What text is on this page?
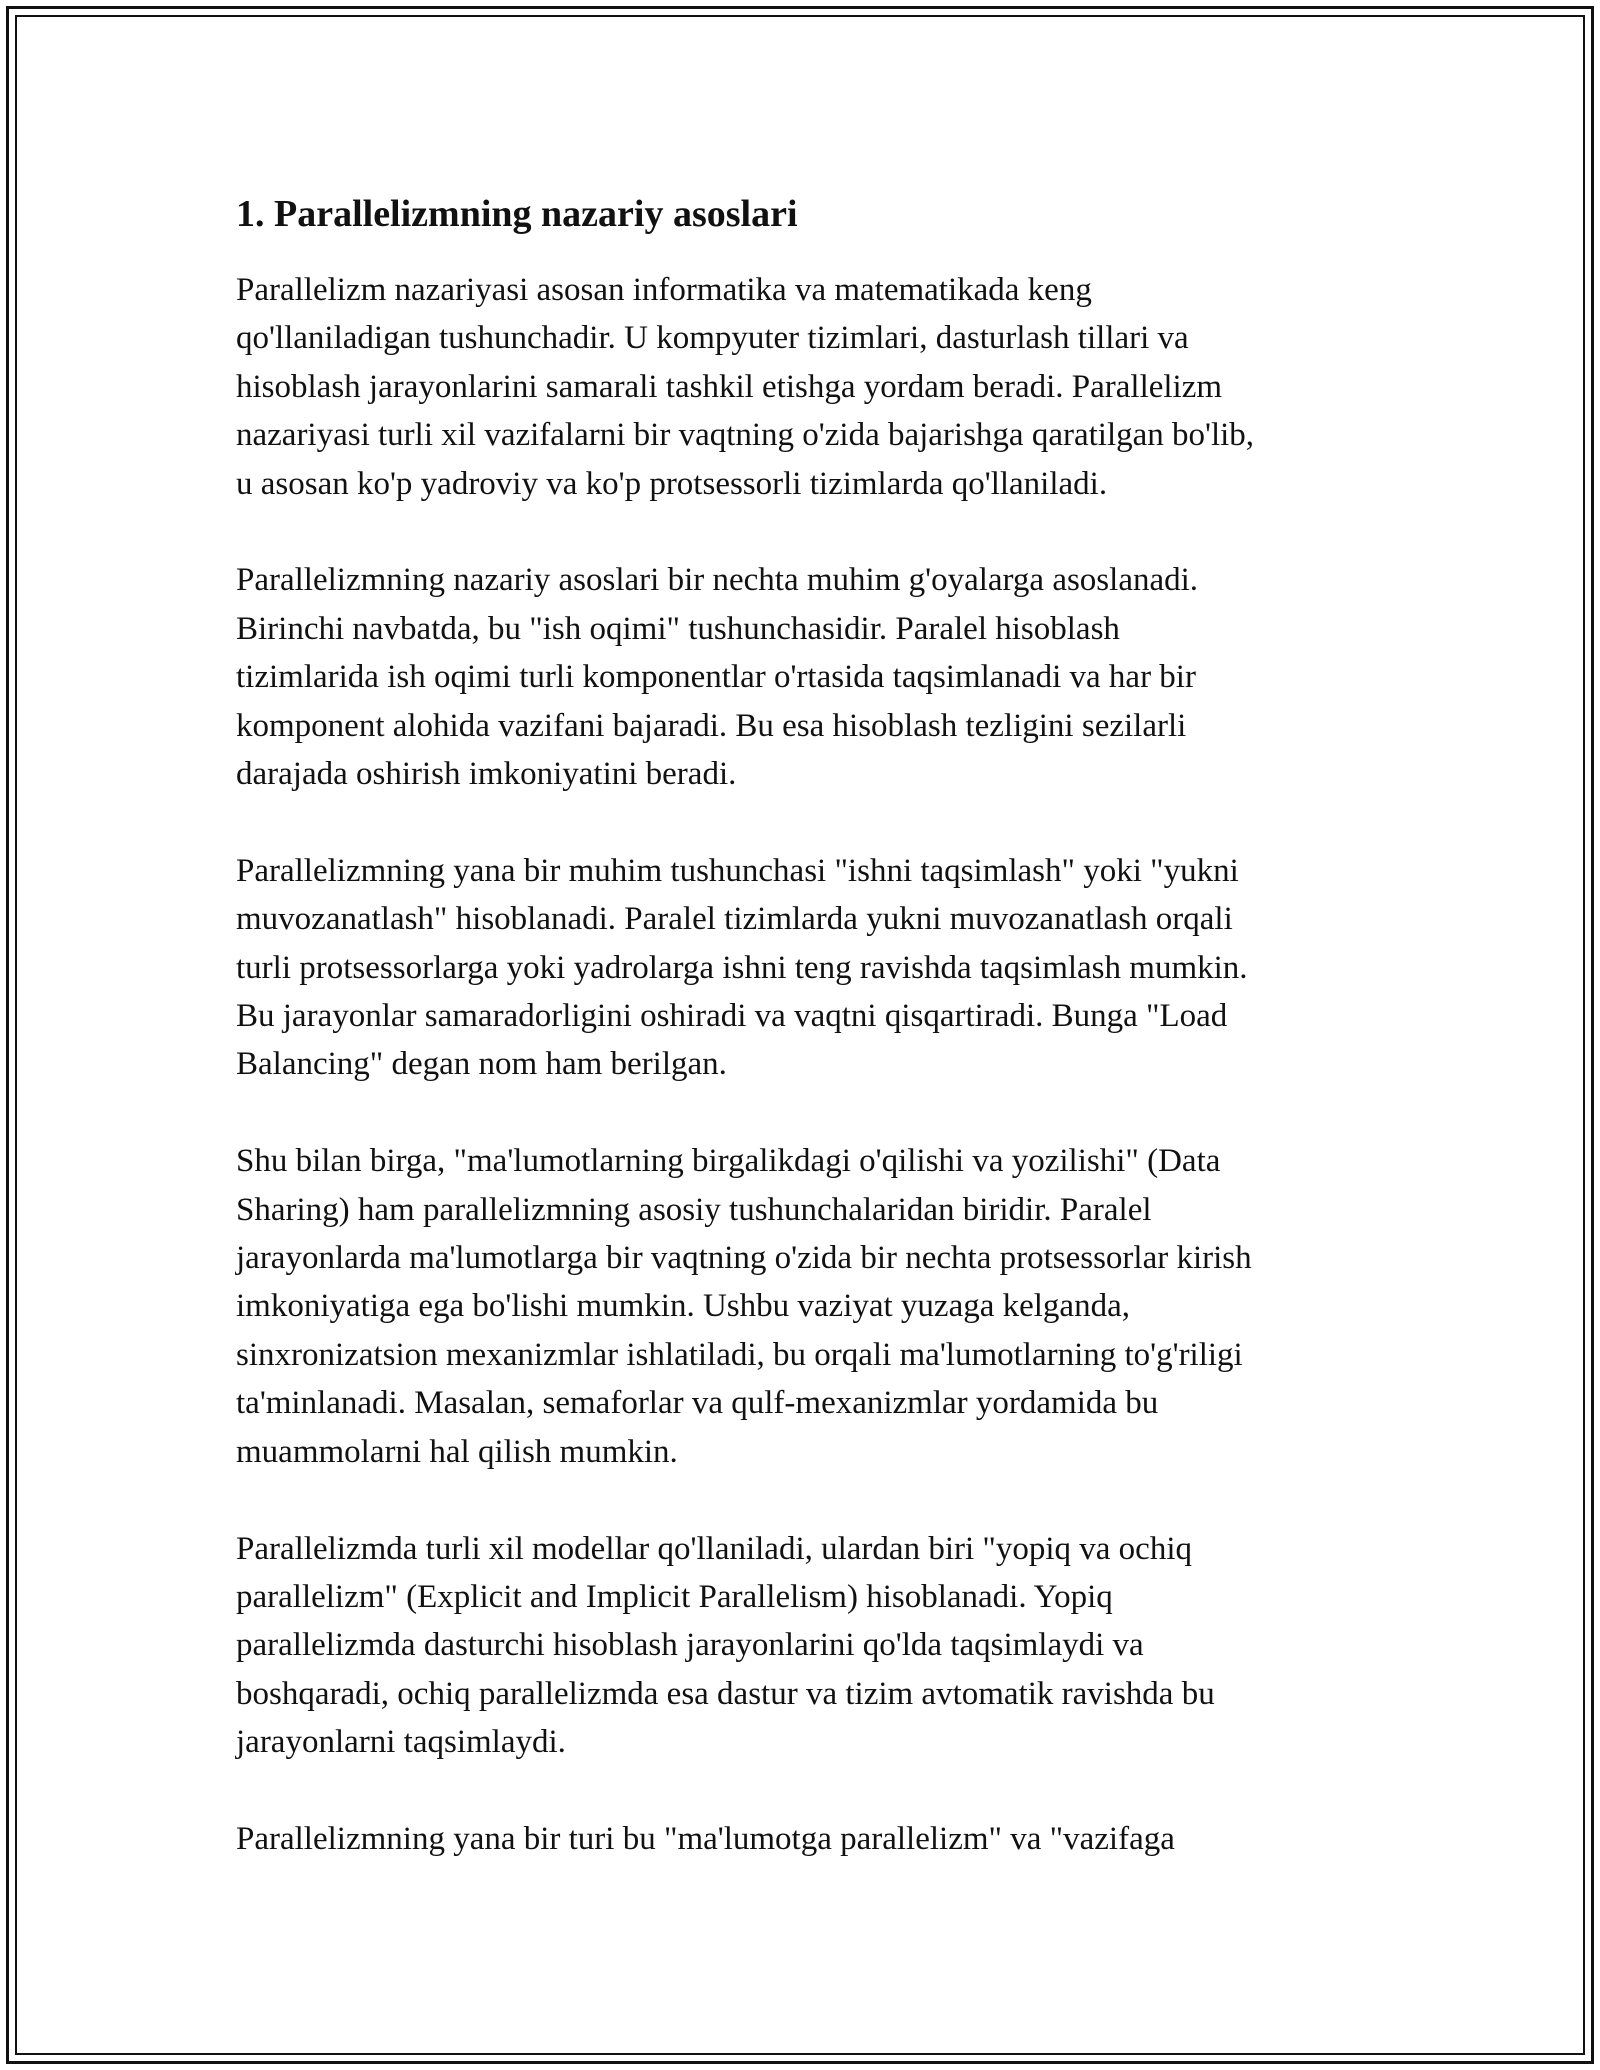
1. Parallelizmning nazariy asoslari

Parallelizm nazariyasi asosan informatika va matematikada keng
qo'llaniladigan tushunchadir. U kompyuter tizimlari, dasturlash tillari va
hisoblash jarayonlarini samarali tashkil etishga yordam beradi. Parallelizm
nazariyasi turli xil vazifalarni bir vaqtning o'zida bajarishga qaratilgan bo'lib,
u asosan ko'p yadroviy va ko'p protsessorli tizimlarda qo'llaniladi.

Parallelizmning nazariy asoslari bir nechta muhim g'oyalarga asoslanadi.
Birinchi navbatda, bu "ish oqimi" tushunchasidir. Paralel hisoblash
tizimlarida ish oqimi turli komponentlar o'rtasida taqsimlanadi va har bir
komponent alohida vazifani bajaradi. Bu esa hisoblash tezligini sezilarli
darajada oshirish imkoniyatini beradi.

Parallelizmning yana bir muhim tushunchasi "ishni taqsimlash" yoki "yukni
muvozanatlash" hisoblanadi. Paralel tizimlarda yukni muvozanatlash orqali
turli protsessorlarga yoki yadrolarga ishni teng ravishda taqsimlash mumkin.
Bu jarayonlar samaradorligini oshiradi va vaqtni qisqartiradi. Bunga "Load
Balancing" degan nom ham berilgan.

Shu bilan birga, "ma'lumotlarning birgalikdagi o'qilishi va yozilishi" (Data
Sharing) ham parallelizmning asosiy tushunchalaridan biridir. Paralel
jarayonlarda ma'lumotlarga bir vaqtning o'zida bir nechta protsessorlar kirish
imkoniyatiga ega bo'lishi mumkin. Ushbu vaziyat yuzaga kelganda,
sinxronizatsion mexanizmlar ishlatiladi, bu orqali ma'lumotlarning to'g'riligi
ta'minlanadi. Masalan, semaforlar va qulf-mexanizmlar yordamida bu
muammolarni hal qilish mumkin.

Parallelizmda turli xil modellar qo'llaniladi, ulardan biri "yopiq va ochiq
parallelizm" (Explicit and Implicit Parallelism) hisoblanadi. Yopiq
parallelizmda dasturchi hisoblash jarayonlarini qo'lda taqsimlaydi va
boshqaradi, ochiq parallelizmda esa dastur va tizim avtomatik ravishda bu
jarayonlarni taqsimlaydi.

Parallelizmning yana bir turi bu "ma'lumotga parallelizm" va "vazifaga
